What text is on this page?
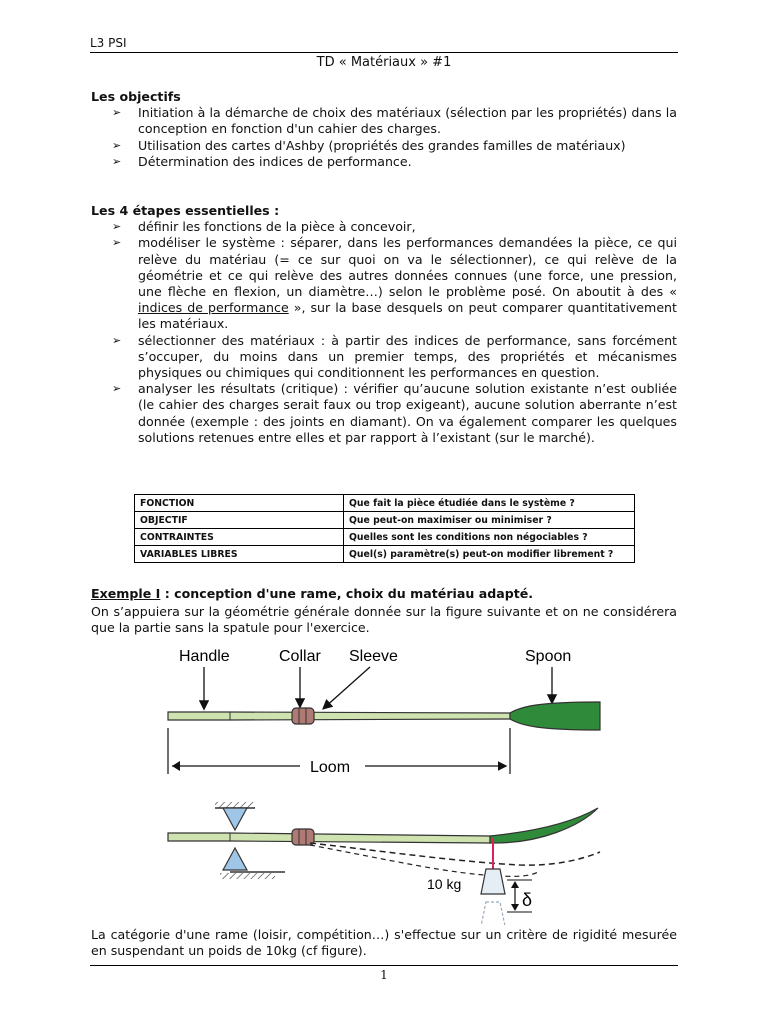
L3 PSI
TD « Matériaux » #1
Les objectifs
➢ Initiation à la démarche de choix des matériaux (sélection par les propriétés) dans la conception en fonction d'un cahier des charges.
➢ Utilisation des cartes d'Ashby (propriétés des grandes familles de matériaux)
➢ Détermination des indices de performance.
Les 4 étapes essentielles :
➢ définir les fonctions de la pièce à concevoir,
➢ modéliser le système : séparer, dans les performances demandées la pièce, ce qui relève du matériau (= ce sur quoi on va le sélectionner), ce qui relève de la géométrie et ce qui relève des autres données connues (une force, une pression, une flèche en flexion, un diamètre…) selon le problème posé. On aboutit à des « indices de performance », sur la base desquels on peut comparer quantitativement les matériaux.
➢ sélectionner des matériaux : à partir des indices de performance, sans forcément s’occuper, du moins dans un premier temps, des propriétés et mécanismes physiques ou chimiques qui conditionnent les performances en question.
➢ analyser les résultats (critique) : vérifier qu’aucune solution existante n’est oubliée (le cahier des charges serait faux ou trop exigeant), aucune solution aberrante n’est donnée (exemple : des joints en diamant). On va également comparer les quelques solutions retenues entre elles et par rapport à l’existant (sur le marché).
FONCTION	Que fait la pièce étudiée dans le système ?
OBJECTIF	Que peut-on maximiser ou minimiser ?
CONTRAINTES	Quelles sont les conditions non négociables ?
VARIABLES LIBRES	Quel(s) paramètre(s) peut-on modifier librement ?
Exemple I : conception d'une rame, choix du matériau adapté.
On s’appuiera sur la géométrie générale donnée sur la figure suivante et on ne considérera que la partie sans la spatule pour l'exercice.
Handle	Collar Sleeve	Spoon
Loom
10 kg
δ
La catégorie d'une rame (loisir, compétition…) s'effectue sur un critère de rigidité mesurée en suspendant un poids de 10kg (cf figure).
1
